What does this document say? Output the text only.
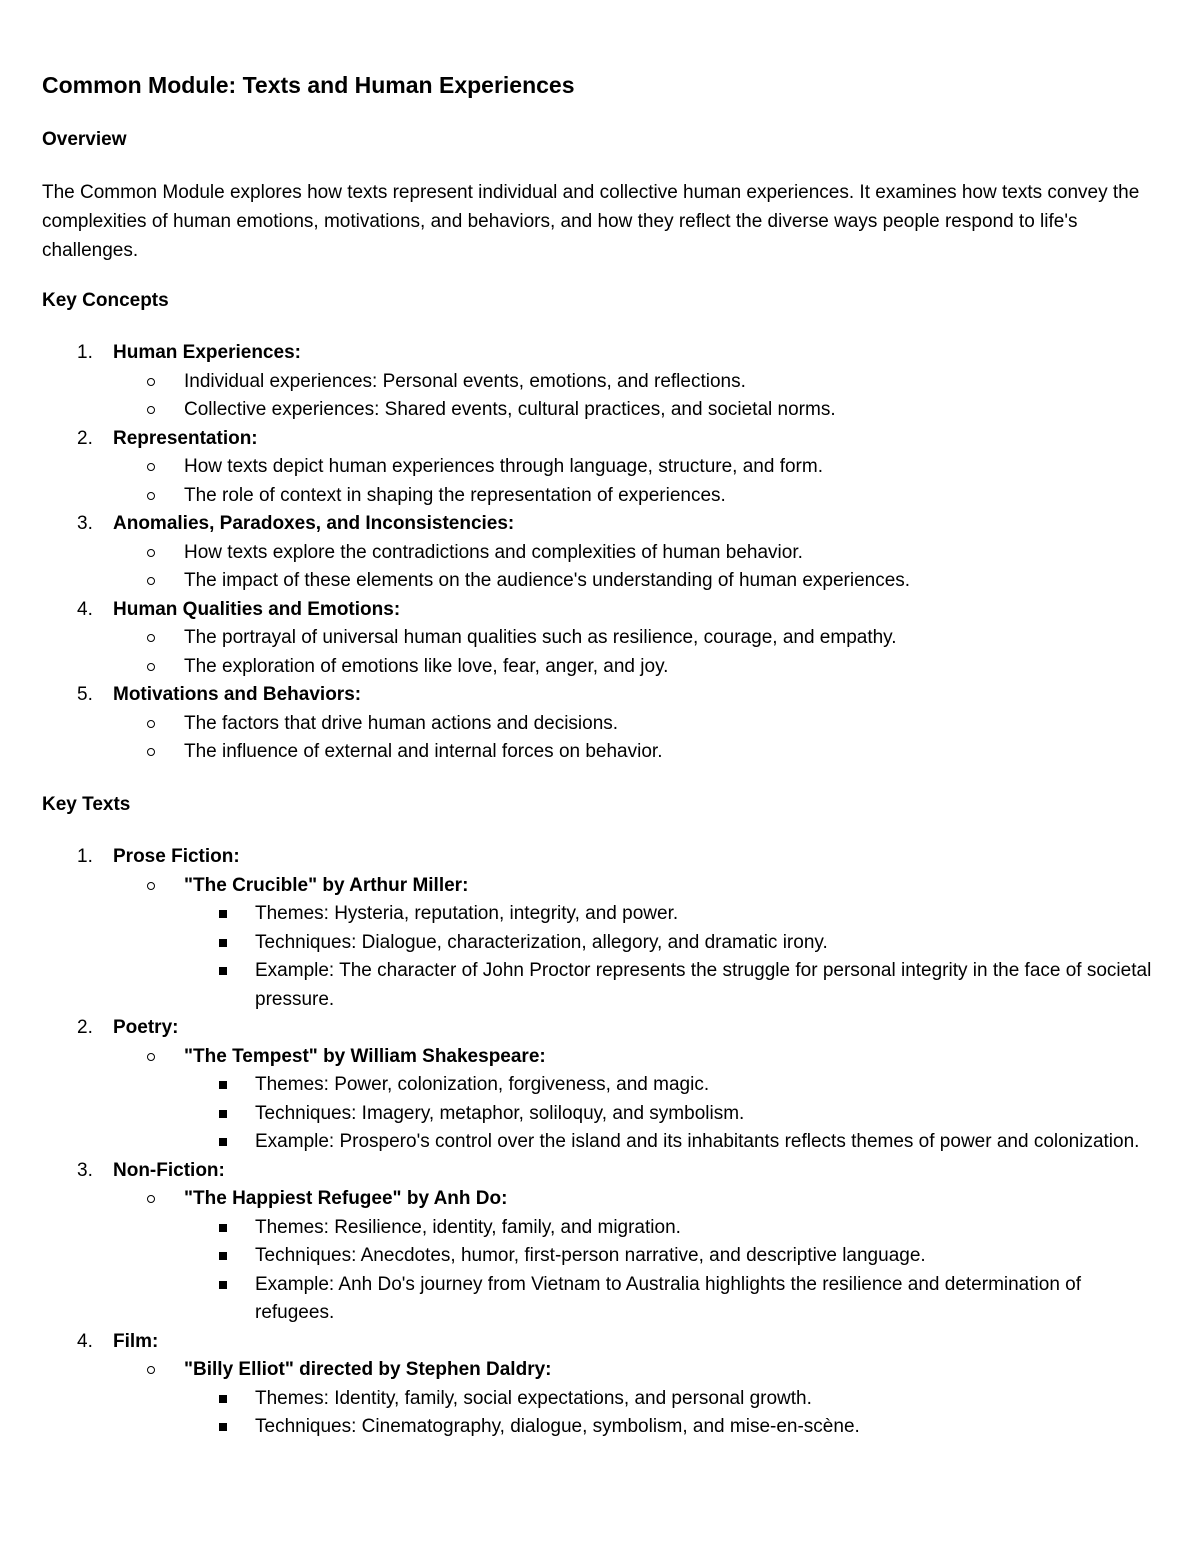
Common Module: Texts and Human Experiences
Overview

The Common Module explores how texts represent individual and collective human experiences. It examines how texts convey the complexities of human emotions, motivations, and behaviors, and how they reflect the diverse ways people respond to life's challenges.

Key Concepts
1. Human Experiences:
Individual experiences: Personal events, emotions, and reflections.
Collective experiences: Shared events, cultural practices, and societal norms.
2. Representation:
How texts depict human experiences through language, structure, and form.
The role of context in shaping the representation of experiences.
3. Anomalies, Paradoxes, and Inconsistencies:
How texts explore the contradictions and complexities of human behavior.
The impact of these elements on the audience's understanding of human experiences.
4. Human Qualities and Emotions:
The portrayal of universal human qualities such as resilience, courage, and empathy.
The exploration of emotions like love, fear, anger, and joy.
5. Motivations and Behaviors:
The factors that drive human actions and decisions.
The influence of external and internal forces on behavior.
Key Texts
1. Prose Fiction:
"The Crucible" by Arthur Miller:
Themes: Hysteria, reputation, integrity, and power.
Techniques: Dialogue, characterization, allegory, and dramatic irony.
Example: The character of John Proctor represents the struggle for personal integrity in the face of societal pressure.
2. Poetry:
"The Tempest" by William Shakespeare:
Themes: Power, colonization, forgiveness, and magic.
Techniques: Imagery, metaphor, soliloquy, and symbolism.
Example: Prospero's control over the island and its inhabitants reflects themes of power and colonization.
3. Non-Fiction:
"The Happiest Refugee" by Anh Do:
Themes: Resilience, identity, family, and migration.
Techniques: Anecdotes, humor, first-person narrative, and descriptive language.
Example: Anh Do's journey from Vietnam to Australia highlights the resilience and determination of refugees.
4. Film:
"Billy Elliot" directed by Stephen Daldry:
Themes: Identity, family, social expectations, and personal growth.
Techniques: Cinematography, dialogue, symbolism, and mise-en-scène.
